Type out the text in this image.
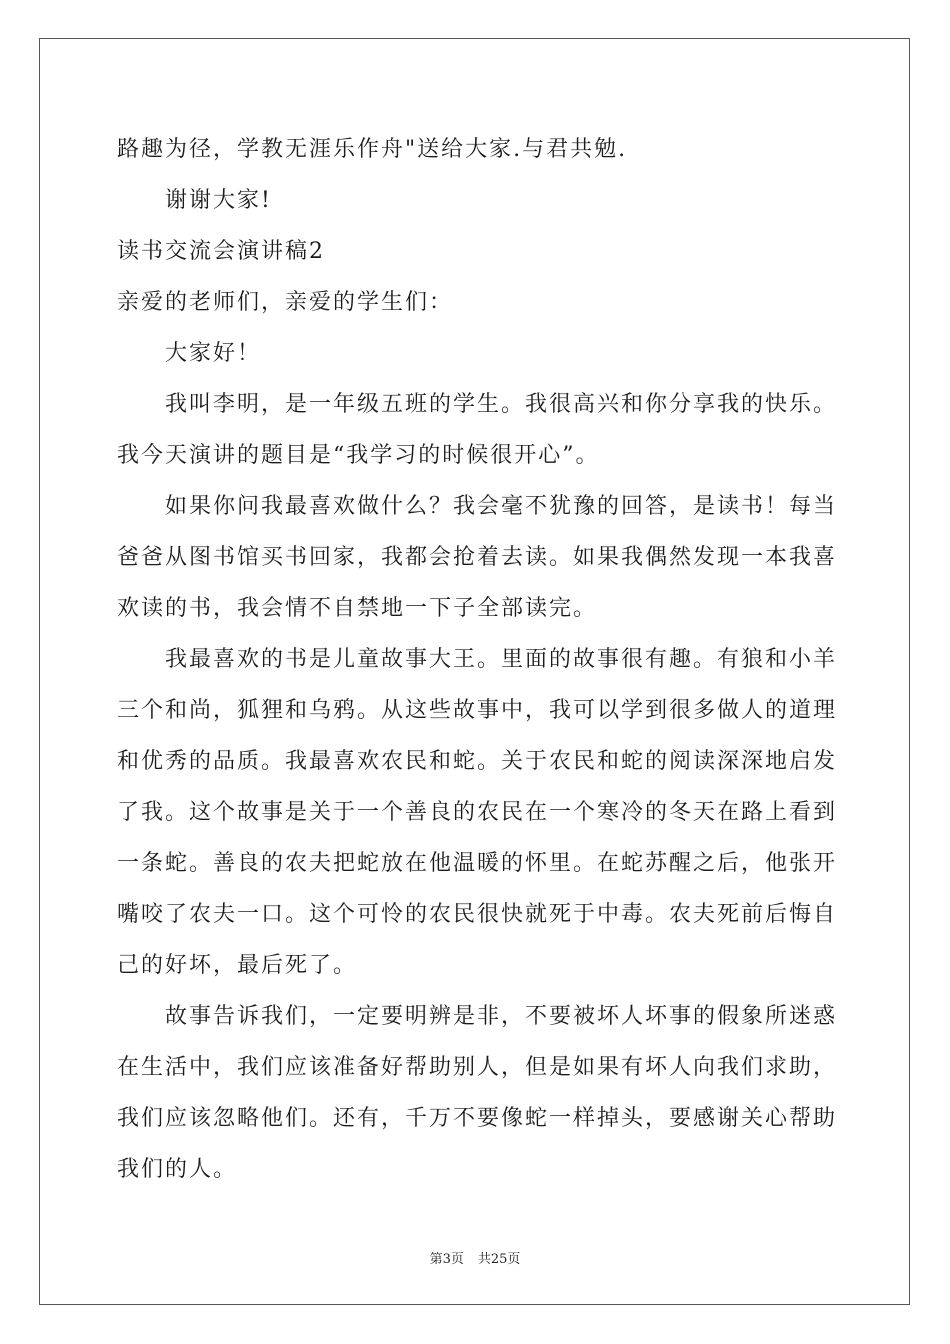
路趣为径，学教无涯乐作舟"送给大家.与君共勉.
谢谢大家!
读书交流会演讲稿2
亲爱的老师们，亲爱的学生们：
大家好！
我叫李明，是一年级五班的学生。我很高兴和你分享我的快乐。
我今天演讲的题目是“我学习的时候很开心”。
如果你问我最喜欢做什么？我会毫不犹豫的回答，是读书！每当
爸爸从图书馆买书回家，我都会抢着去读。如果我偶然发现一本我喜
欢读的书，我会情不自禁地一下子全部读完。
我最喜欢的书是儿童故事大王。里面的故事很有趣。有狼和小羊
三个和尚，狐狸和乌鸦。从这些故事中，我可以学到很多做人的道理
和优秀的品质。我最喜欢农民和蛇。关于农民和蛇的阅读深深地启发
了我。这个故事是关于一个善良的农民在一个寒冷的冬天在路上看到
一条蛇。善良的农夫把蛇放在他温暖的怀里。在蛇苏醒之后，他张开
嘴咬了农夫一口。这个可怜的农民很快就死于中毒。农夫死前后悔自
己的好坏，最后死了。
故事告诉我们，一定要明辨是非，不要被坏人坏事的假象所迷惑
在生活中，我们应该准备好帮助别人，但是如果有坏人向我们求助，
我们应该忽略他们。还有，千万不要像蛇一样掉头，要感谢关心帮助
我们的人。
第3页 共25页
